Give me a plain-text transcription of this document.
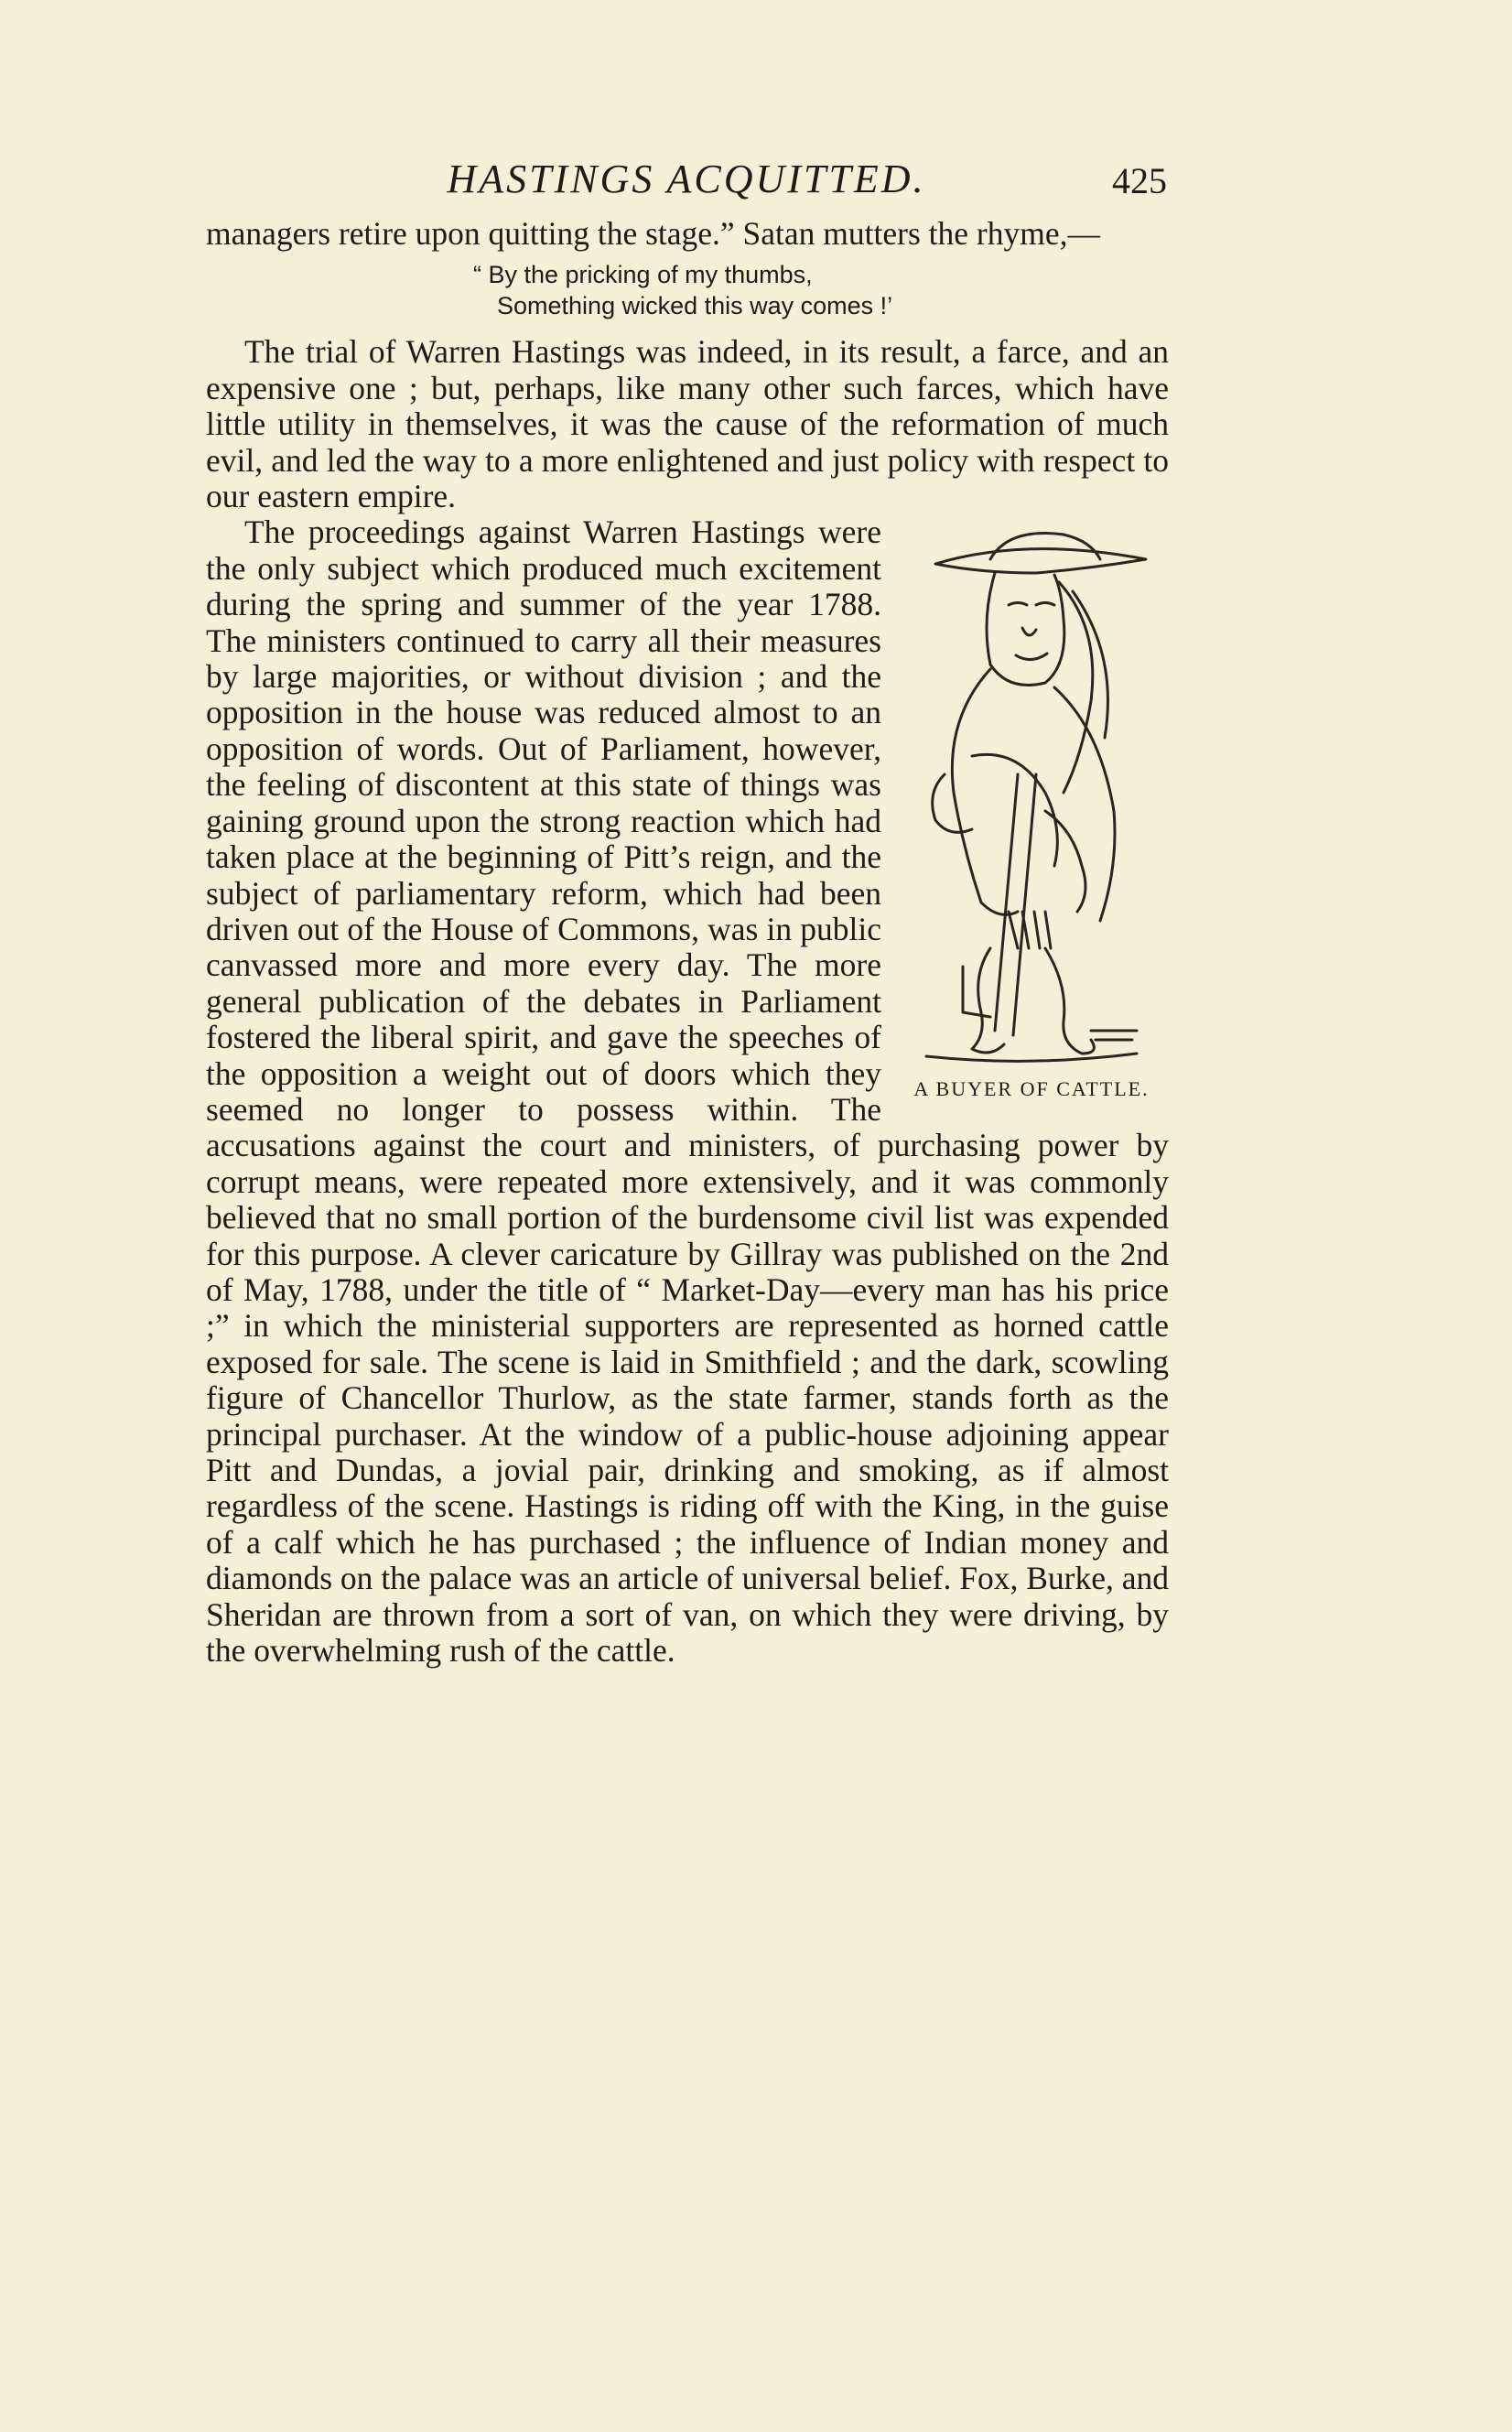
HASTINGS ACQUITTED.	425

managers retire upon quitting the stage.” Satan mutters the rhyme,—

“ By the pricking of my thumbs,
Something wicked this way comes !’

The trial of Warren Hastings was indeed, in its result, a farce, and an expensive one ; but, perhaps, like many other such farces, which have little utility in themselves, it was the cause of the reformation of much evil, and led the way to a more enlightened and just policy with respect to our eastern empire.

A BUYER OF CATTLE.
The proceedings against Warren Hastings were the only subject which produced much excitement during the spring and summer of the year 1788. The ministers continued to carry all their measures by large majorities, or without division ; and the opposition in the house was reduced almost to an opposition of words. Out of Parliament, however, the feeling of discontent at this state of things was gaining ground upon the strong reaction which had taken place at the beginning of Pitt’s reign, and the subject of parliamentary reform, which had been driven out of the House of Commons, was in public canvassed more and more every day. The more general publication of the debates in Parliament fostered the liberal spirit, and gave the speeches of the opposition a weight out of doors which they seemed no longer to possess within. The accusations against the court and ministers, of purchasing power by corrupt means, were repeated more extensively, and it was commonly believed that no small portion of the burdensome civil list was expended for this purpose. A clever caricature by Gillray was published on the 2nd of May, 1788, under the title of “ Market-Day—every man has his price ;” in which the ministerial supporters are represented as horned cattle exposed for sale. The scene is laid in Smithfield ; and the dark, scowling figure of Chancellor Thurlow, as the state farmer, stands forth as the principal purchaser. At the window of a public-house adjoining appear Pitt and Dundas, a jovial pair, drinking and smoking, as if almost regardless of the scene. Hastings is riding off with the King, in the guise of a calf which he has purchased ; the influence of Indian money and diamonds on the palace was an article of universal belief. Fox, Burke, and Sheridan are thrown from a sort of van, on which they were driving, by the overwhelming rush of the cattle.
